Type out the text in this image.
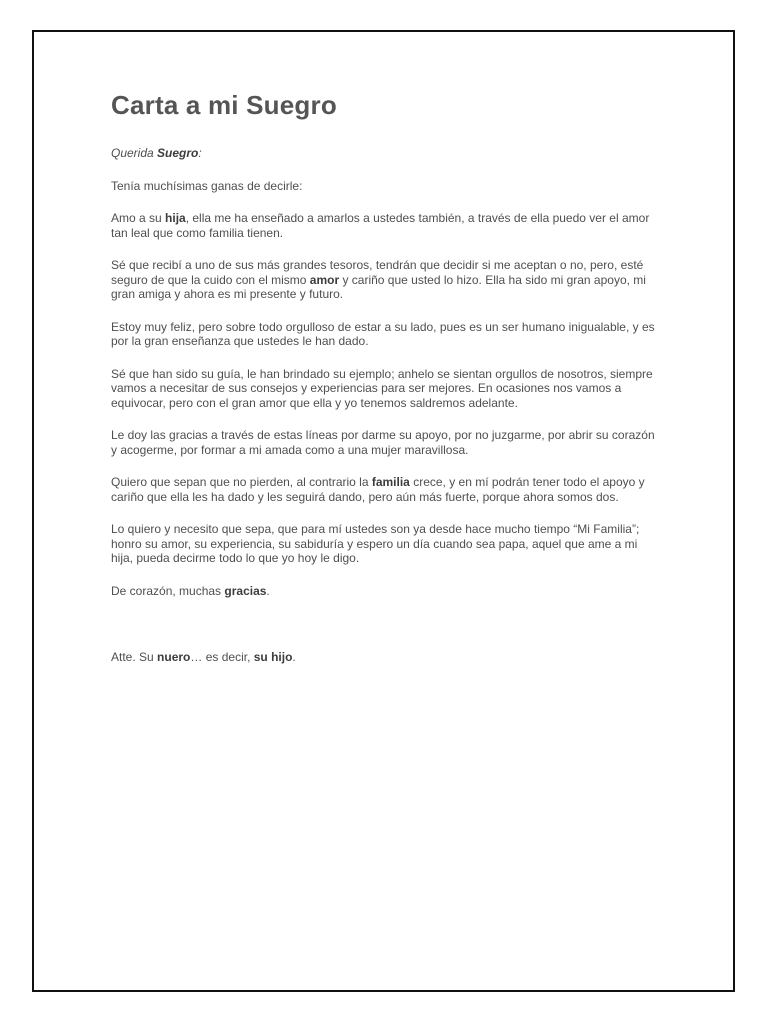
Carta a mi Suegro

Querida Suegro:

Tenía muchísimas ganas de decirle:

Amo a su hija, ella me ha enseñado a amarlos a ustedes también, a través de ella puedo ver el amor tan leal que como familia tienen.

Sé que recibí a uno de sus más grandes tesoros, tendrán que decidir si me aceptan o no, pero, esté seguro de que la cuido con el mismo amor y cariño que usted lo hizo. Ella ha sido mi gran apoyo, mi gran amiga y ahora es mi presente y futuro.

Estoy muy feliz, pero sobre todo orgulloso de estar a su lado, pues es un ser humano inigualable, y es por la gran enseñanza que ustedes le han dado.

Sé que han sido su guía, le han brindado su ejemplo; anhelo se sientan orgullos de nosotros, siempre vamos a necesitar de sus consejos y experiencias para ser mejores. En ocasiones nos vamos a equivocar, pero con el gran amor que ella y yo tenemos saldremos adelante.

Le doy las gracias a través de estas líneas por darme su apoyo, por no juzgarme, por abrir su corazón y acogerme, por formar a mi amada como a una mujer maravillosa.

Quiero que sepan que no pierden, al contrario la familia crece, y en mí podrán tener todo el apoyo y cariño que ella les ha dado y les seguirá dando, pero aún más fuerte, porque ahora somos dos.

Lo quiero y necesito que sepa, que para mí ustedes son ya desde hace mucho tiempo “Mi Familia”; honro su amor, su experiencia, su sabiduría y espero un día cuando sea papa, aquel que ame a mi hija, pueda decirme todo lo que yo hoy le digo.

De corazón, muchas gracias.

Atte. Su nuero… es decir, su hijo.
